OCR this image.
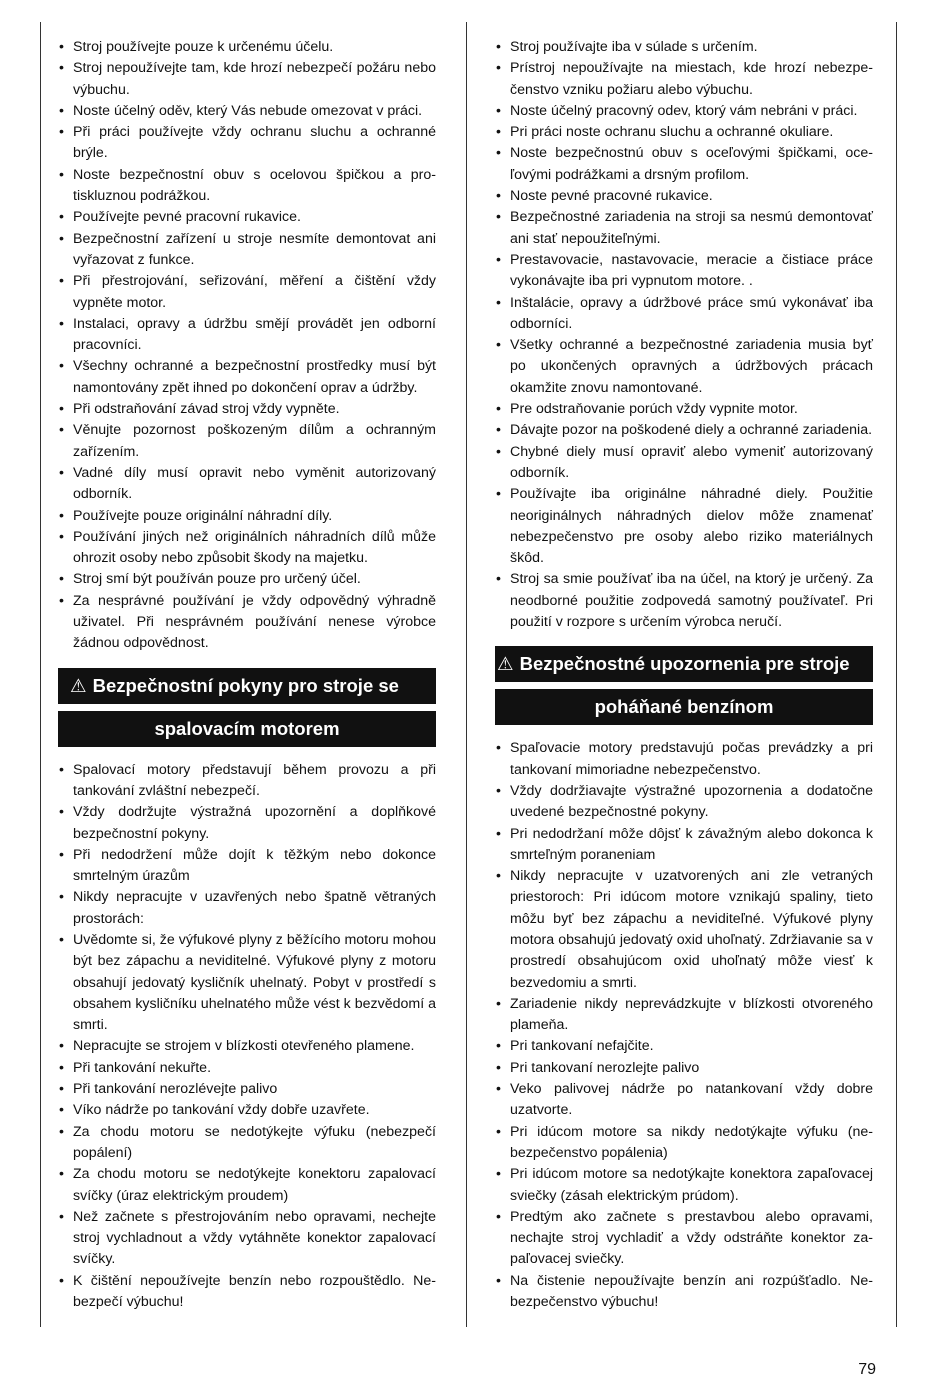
• Stroj používejte pouze k určenému účelu.
• Stroj nepoužívejte tam, kde hrozí nebezpečí požáru nebo výbuchu.
• Noste účelný oděv, který Vás nebude omezovat v práci.
• Při práci používejte vždy ochranu sluchu a ochranné brýle.
• Noste bezpečnostní obuv s ocelovou špičkou a protiskluznou podrážkou.
• Používejte pevné pracovní rukavice.
• Bezpečnostní zařízení u stroje nesmíte demontovat ani vyřazovat z funkce.
• Při přestrojování, seřizování, měření a čištění vždy vypněte motor.
• Instalaci, opravy a údržbu smějí provádět jen odborní pracovníci.
• Všechny ochranné a bezpečnostní prostředky musí být namontovány zpět ihned po dokončení oprav a údržby.
• Při odstraňování závad stroj vždy vypněte.
• Věnujte pozornost poškozeným dílům a ochranným zařízením.
• Vadné díly musí opravit nebo vyměnit autorizovaný odborník.
• Používejte pouze originální náhradní díly.
• Používání jiných než originálních náhradních dílů může ohrozit osoby nebo způsobit škody na majetku.
• Stroj smí být používán pouze pro určený účel.
• Za nesprávné používání je vždy odpovědný výhradně uživatel. Při nesprávném používání nenese výrobce žádnou odpovědnost.
⚠ Bezpečnostní pokyny pro stroje se
spalovacím motorem
• Spalovací motory představují během provozu a při tankování zvláštní nebezpečí.
• Vždy dodržujte výstražná upozornění a doplňkové bezpečnostní pokyny.
• Při nedodržení může dojít k těžkým nebo dokonce smrtelným úrazům
• Nikdy nepracujte v uzavřených nebo špatně větraných prostorách:
• Uvědomte si, že výfukové plyny z běžícího motoru mohou být bez zápachu a neviditelné. Výfukové plyny z motoru obsahují jedovatý kysličník uhelnatý. Pobyt v prostředí s obsahem kysličníku uhelnatého může vést k bezvědomí a smrti.
• Nepracujte se strojem v blízkosti otevřeného plamene.
• Při tankování nekuřte.
• Při tankování nerozlévejte palivo
• Víko nádrže po tankování vždy dobře uzavřete.
• Za chodu motoru se nedotýkejte výfuku (nebezpečí popálení)
• Za chodu motoru se nedotýkejte konektoru zapalovací svíčky (úraz elektrickým proudem)
• Než začnete s přestrojováním nebo opravami, nechejte stroj vychladnout a vždy vytáhněte konektor zapalovací svíčky.
• K čištění nepoužívejte benzín nebo rozpouštědlo. Nebezpečí výbuchu!
• Stroj používajte iba v súlade s určením.
• Prístroj nepoužívajte na miestach, kde hrozí nebezpečenstvo vzniku požiaru alebo výbuchu.
• Noste účelný pracovný odev, ktorý vám nebráni v práci.
• Pri práci noste ochranu sluchu a ochranné okuliare.
• Noste bezpečnostnú obuv s oceľovými špičkami, oceľovými podrážkami a drsným profilom.
• Noste pevné pracovné rukavice.
• Bezpečnostné zariadenia na stroji sa nesmú demontovať ani stať nepoužiteľnými.
• Prestavovacie, nastavovacie, meracie a čistiace práce vykonávajte iba pri vypnutom motore. .
• Inštalácie, opravy a údržbové práce smú vykonávať iba odborníci.
• Všetky ochranné a bezpečnostné zariadenia musia byť po ukončených opravných a údržbových prácach okamžite znovu namontované.
• Pre odstraňovanie porúch vždy vypnite motor.
• Dávajte pozor na poškodené diely a ochranné zariadenia.
• Chybné diely musí opraviť alebo vymeniť autorizovaný odborník.
• Používajte iba originálne náhradné diely. Použitie neoriginálnych náhradných dielov môže znamenať nebezpečenstvo pre osoby alebo riziko materiálnych škôd.
• Stroj sa smie používať iba na účel, na ktorý je určený. Za neodborné použitie zodpovedá samotný používateľ. Pri použití v rozpore s určením výrobca neručí.
⚠ Bezpečnostné upozornenia pre stroje
poháňané benzínom
• Spaľovacie motory predstavujú počas prevádzky a pri tankovaní mimoriadne nebezpečenstvo.
• Vždy dodržiavajte výstražné upozornenia a dodatočne uvedené bezpečnostné pokyny.
• Pri nedodržaní môže dôjsť k závažným alebo dokonca k smrteľným poraneniam
• Nikdy nepracujte v uzatvorených ani zle vetraných priestoroch: Pri idúcom motore vznikajú spaliny, tieto môžu byť bez zápachu a neviditeľné. Výfukové plyny motora obsahujú jedovatý oxid uhoľnatý. Zdržiavanie sa v prostredí obsahujúcom oxid uhoľnatý môže viesť k bezvedomiu a smrti.
• Zariadenie nikdy neprevádzkujte v blízkosti otvoreného plameňa.
• Pri tankovaní nefajčite.
• Pri tankovaní nerozlejte palivo
• Veko palivovej nádrže po natankovaní vždy dobre uzatvorte.
• Pri idúcom motore sa nikdy nedotýkajte výfuku (nebezpečenstvo popálenia)
• Pri idúcom motore sa nedotýkajte konektora zapaľovacej sviečky (zásah elektrickým prúdom).
• Predtým ako začnete s prestavbou alebo opravami, nechajte stroj vychladiť a vždy odstráňte konektor zapaľovacej sviečky.
• Na čistenie nepoužívajte benzín ani rozpúšťadlo. Nebezpečenstvo výbuchu!
79
